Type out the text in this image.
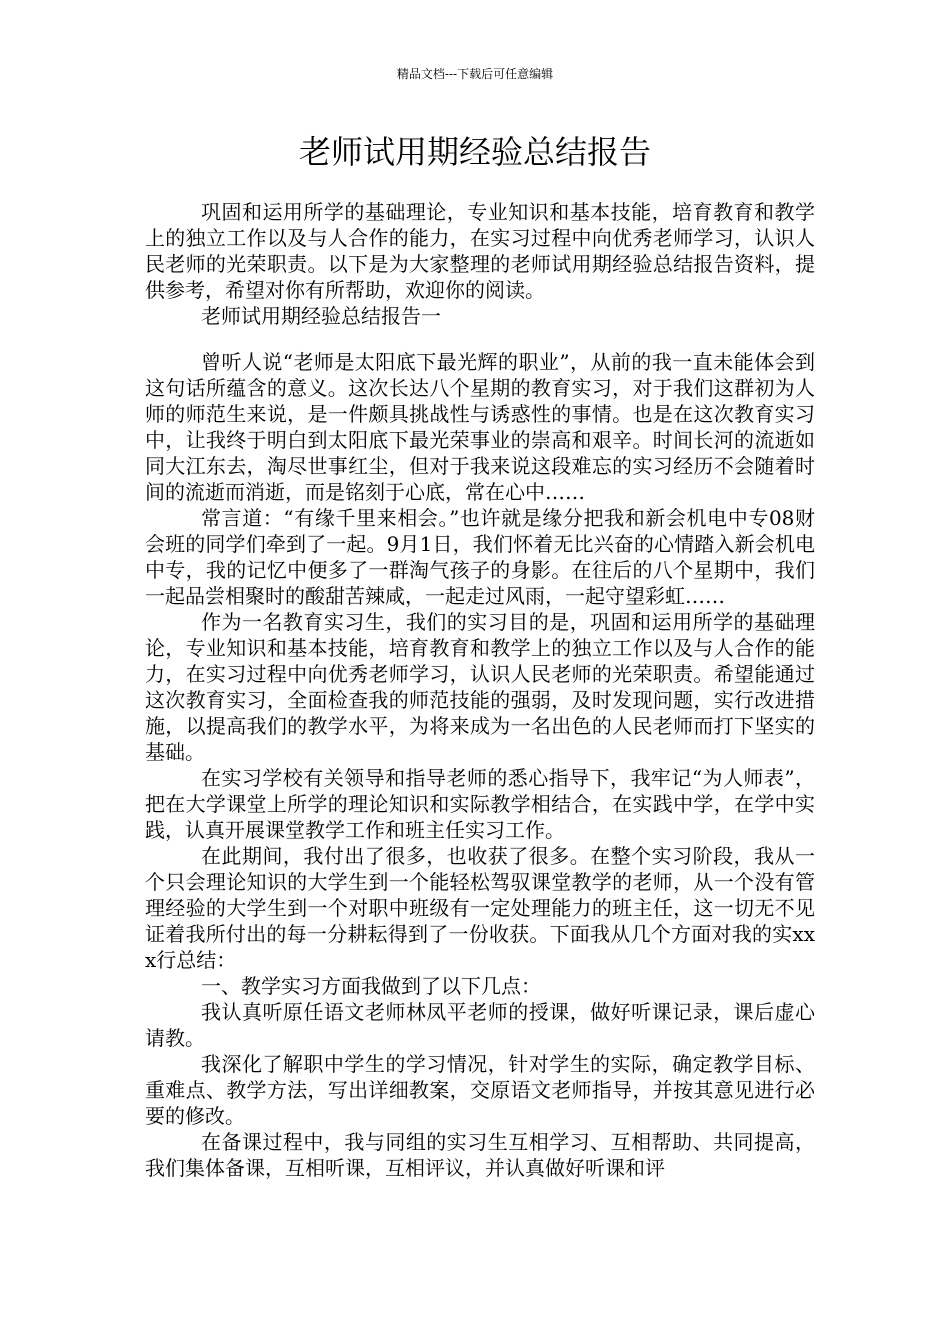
精品文档---下载后可任意编辑
老师试用期经验总结报告

巩固和运用所学的基础理论，专业知识和基本技能，培育教育和教学上的独立工作以及与人合作的能力，在实习过程中向优秀老师学习，认识人民老师的光荣职责。以下是为大家整理的老师试用期经验总结报告资料，提供参考，希望对你有所帮助，欢迎你的阅读。

老师试用期经验总结报告一

曾听人说“老师是太阳底下最光辉的职业”，从前的我一直未能体会到这句话所蕴含的意义。这次长达八个星期的教育实习，对于我们这群初为人师的师范生来说，是一件颇具挑战性与诱惑性的事情。也是在这次教育实习中，让我终于明白到太阳底下最光荣事业的崇高和艰辛。时间长河的流逝如同大江东去，淘尽世事红尘，但对于我来说这段难忘的实习经历不会随着时间的流逝而消逝，而是铭刻于心底，常在心中……

常言道：“有缘千里来相会。”也许就是缘分把我和新会机电中专08财会班的同学们牵到了一起。9月1日，我们怀着无比兴奋的心情踏入新会机电中专，我的记忆中便多了一群淘气孩子的身影。在往后的八个星期中，我们一起品尝相聚时的酸甜苦辣咸，一起走过风雨，一起守望彩虹……

作为一名教育实习生，我们的实习目的是，巩固和运用所学的基础理论，专业知识和基本技能，培育教育和教学上的独立工作以及与人合作的能力，在实习过程中向优秀老师学习，认识人民老师的光荣职责。希望能通过这次教育实习，全面检查我的师范技能的强弱，及时发现问题，实行改进措施，以提高我们的教学水平，为将来成为一名出色的人民老师而打下坚实的基础。

在实习学校有关领导和指导老师的悉心指导下，我牢记“为人师表”，把在大学课堂上所学的理论知识和实际教学相结合，在实践中学，在学中实践，认真开展课堂教学工作和班主任实习工作。

在此期间，我付出了很多，也收获了很多。在整个实习阶段，我从一个只会理论知识的大学生到一个能轻松驾驭课堂教学的老师，从一个没有管理经验的大学生到一个对职中班级有一定处理能力的班主任，这一切无不见证着我所付出的每一分耕耘得到了一份收获。下面我从几个方面对我的实xxx行总结：

一、教学实习方面我做到了以下几点：

我认真听原任语文老师林凤平老师的授课，做好听课记录，课后虚心请教。

我深化了解职中学生的学习情况，针对学生的实际，确定教学目标、重难点、教学方法，写出详细教案，交原语文老师指导，并按其意见进行必要的修改。

在备课过程中，我与同组的实习生互相学习、互相帮助、共同提高，我们集体备课，互相听课，互相评议，并认真做好听课和评
